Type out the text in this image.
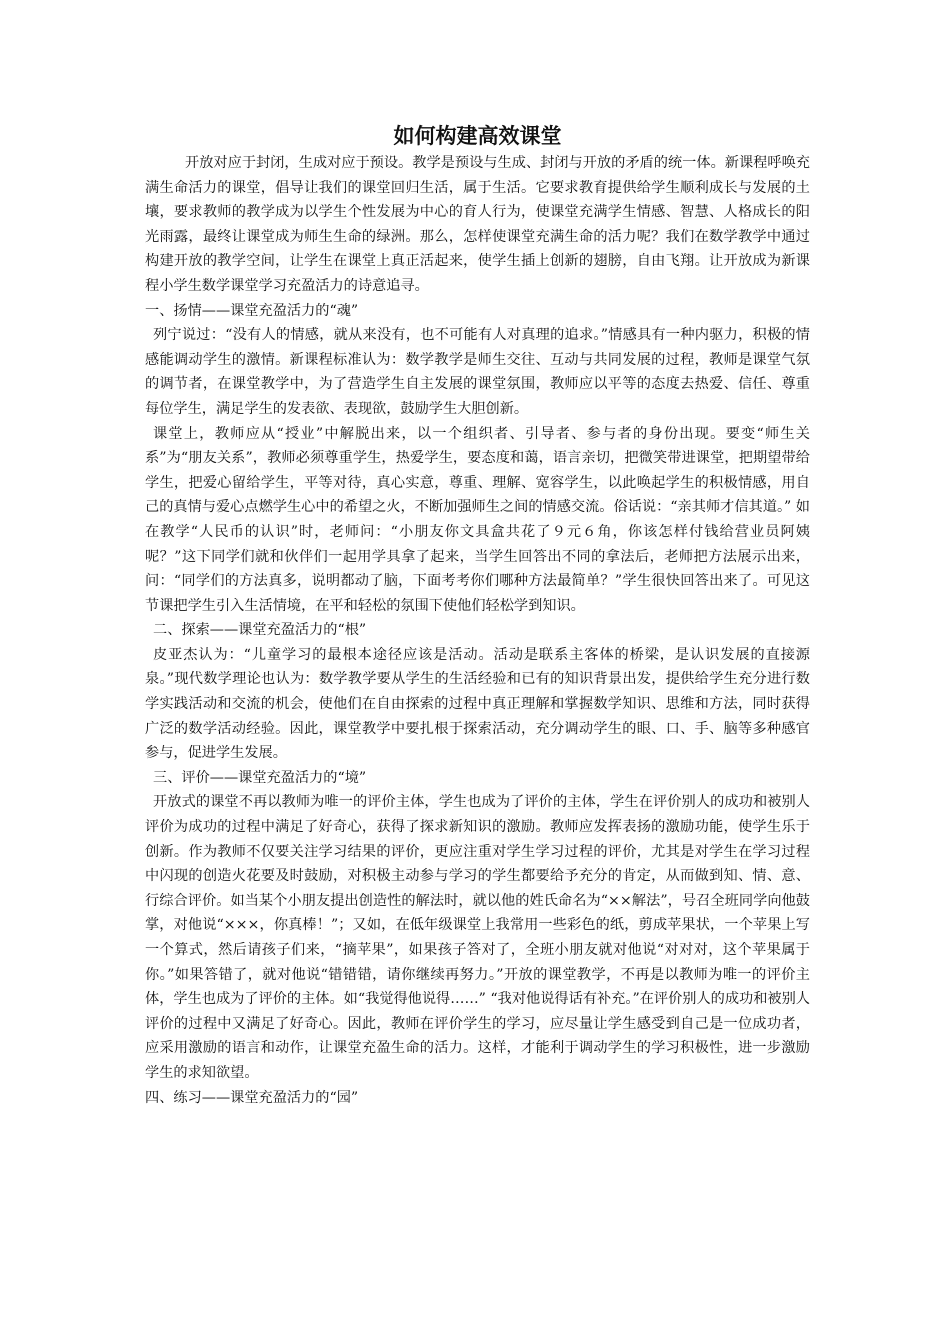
如何构建高效课堂

开放对应于封闭，生成对应于预设。教学是预设与生成、封闭与开放的矛盾的统一体。新课程呼唤充满生命活力的课堂，倡导让我们的课堂回归生活，属于生活。它要求教育提供给学生顺利成长与发展的土壤，要求教师的教学成为以学生个性发展为中心的育人行为，使课堂充满学生情感、智慧、人格成长的阳光雨露，最终让课堂成为师生生命的绿洲。那么，怎样使课堂充满生命的活力呢？我们在数学教学中通过构建开放的教学空间，让学生在课堂上真正活起来，使学生插上创新的翅膀，自由飞翔。让开放成为新课程小学生数学课堂学习充盈活力的诗意追寻。

一、扬情——课堂充盈活力的“魂”

列宁说过：“没有人的情感，就从来没有，也不可能有人对真理的追求。”情感具有一种内驱力，积极的情感能调动学生的激情。新课程标准认为：数学教学是师生交往、互动与共同发展的过程，教师是课堂气氛的调节者，在课堂教学中，为了营造学生自主发展的课堂氛围，教师应以平等的态度去热爱、信任、尊重每位学生，满足学生的发表欲、表现欲，鼓励学生大胆创新。

课堂上，教师应从“授业”中解脱出来，以一个组织者、引导者、参与者的身份出现。要变“师生关系”为“朋友关系”，教师必须尊重学生，热爱学生，要态度和蔼，语言亲切，把微笑带进课堂，把期望带给学生，把爱心留给学生，平等对待，真心实意，尊重、理解、宽容学生，以此唤起学生的积极情感，用自己的真情与爱心点燃学生心中的希望之火，不断加强师生之间的情感交流。俗话说：“亲其师才信其道。” 如在教学“人民币的认识”时，老师问：“小朋友你文具盒共花了９元６角，你该怎样付钱给营业员阿姨呢？”这下同学们就和伙伴们一起用学具拿了起来，当学生回答出不同的拿法后，老师把方法展示出来，问：“同学们的方法真多，说明都动了脑，下面考考你们哪种方法最简单？”学生很快回答出来了。可见这节课把学生引入生活情境，在平和轻松的氛围下使他们轻松学到知识。

二、探索——课堂充盈活力的“根”

皮亚杰认为：“儿童学习的最根本途径应该是活动。活动是联系主客体的桥梁，是认识发展的直接源泉。”现代数学理论也认为：数学教学要从学生的生活经验和已有的知识背景出发，提供给学生充分进行数学实践活动和交流的机会，使他们在自由探索的过程中真正理解和掌握数学知识、思维和方法，同时获得广泛的数学活动经验。因此，课堂教学中要扎根于探索活动，充分调动学生的眼、口、手、脑等多种感官参与，促进学生发展。

三、评价——课堂充盈活力的“境”

开放式的课堂不再以教师为唯一的评价主体，学生也成为了评价的主体，学生在评价别人的成功和被别人评价为成功的过程中满足了好奇心，获得了探求新知识的激励。教师应发挥表扬的激励功能，使学生乐于创新。作为教师不仅要关注学习结果的评价，更应注重对学生学习过程的评价，尤其是对学生在学习过程中闪现的创造火花要及时鼓励，对积极主动参与学习的学生都要给予充分的肯定，从而做到知、情、意、行综合评价。如当某个小朋友提出创造性的解法时，就以他的姓氏命名为“××解法”，号召全班同学向他鼓掌，对他说“×××，你真棒！”；又如，在低年级课堂上我常用一些彩色的纸，剪成苹果状，一个苹果上写一个算式，然后请孩子们来，“摘苹果”，如果孩子答对了，全班小朋友就对他说“对对对，这个苹果属于你。”如果答错了，就对他说“错错错，请你继续再努力。”开放的课堂教学，不再是以教师为唯一的评价主体，学生也成为了评价的主体。如“我觉得他说得……” “我对他说得话有补充。”在评价别人的成功和被别人评价的过程中又满足了好奇心。因此，教师在评价学生的学习，应尽量让学生感受到自己是一位成功者，应采用激励的语言和动作，让课堂充盈生命的活力。这样，才能利于调动学生的学习积极性，进一步激励学生的求知欲望。

四、练习——课堂充盈活力的“园”
